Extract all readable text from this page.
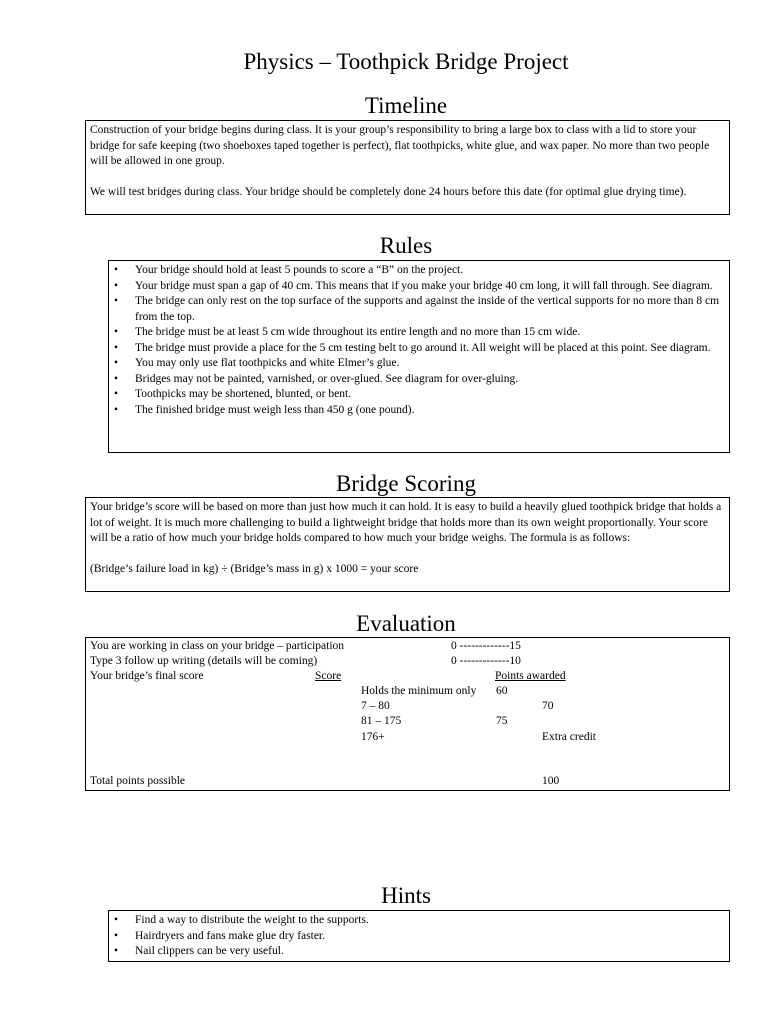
Physics – Toothpick Bridge Project
Timeline

Construction of your bridge begins during class. It is your group’s responsibility to bring a large box to class with a lid to store your bridge for safe keeping (two shoeboxes taped together is perfect), flat toothpicks, white glue, and wax paper. No more than two people will be allowed in one group.

We will test bridges during class. Your bridge should be completely done 24 hours before this date (for optimal glue drying time).

Rules
• Your bridge should hold at least 5 pounds to score a “B” on the project.
• Your bridge must span a gap of 40 cm. This means that if you make your bridge 40 cm long, it will fall through. See diagram.
• The bridge can only rest on the top surface of the supports and against the inside of the vertical supports for no more than 8 cm from the top.
• The bridge must be at least 5 cm wide throughout its entire length and no more than 15 cm wide.
• The bridge must provide a place for the 5 cm testing belt to go around it. All weight will be placed at this point. See diagram.
• You may only use flat toothpicks and white Elmer’s glue.
• Bridges may not be painted, varnished, or over-glued. See diagram for over-gluing.
• Toothpicks may be shortened, blunted, or bent.
• The finished bridge must weigh less than 450 g (one pound).
Bridge Scoring

Your bridge’s score will be based on more than just how much it can hold. It is easy to build a heavily glued toothpick bridge that holds a lot of weight. It is much more challenging to build a lightweight bridge that holds more than its own weight proportionally. Your score will be a ratio of how much your bridge holds compared to how much your bridge weighs. The formula is as follows:

(Bridge’s failure load in kg) ÷ (Bridge’s mass in g) x 1000 = your score

Evaluation
You are working in class on your bridge – participation	0 -------------15
Type 3 follow up writing (details will be coming)	0 -------------10
Your bridge’s final score	Score	Points awarded
Holds the minimum only 60
7 – 80	70
81 – 175	75
176+	Extra credit
Total points possible	100
Hints
• Find a way to distribute the weight to the supports.
• Hairdryers and fans make glue dry faster.
• Nail clippers can be very useful.
